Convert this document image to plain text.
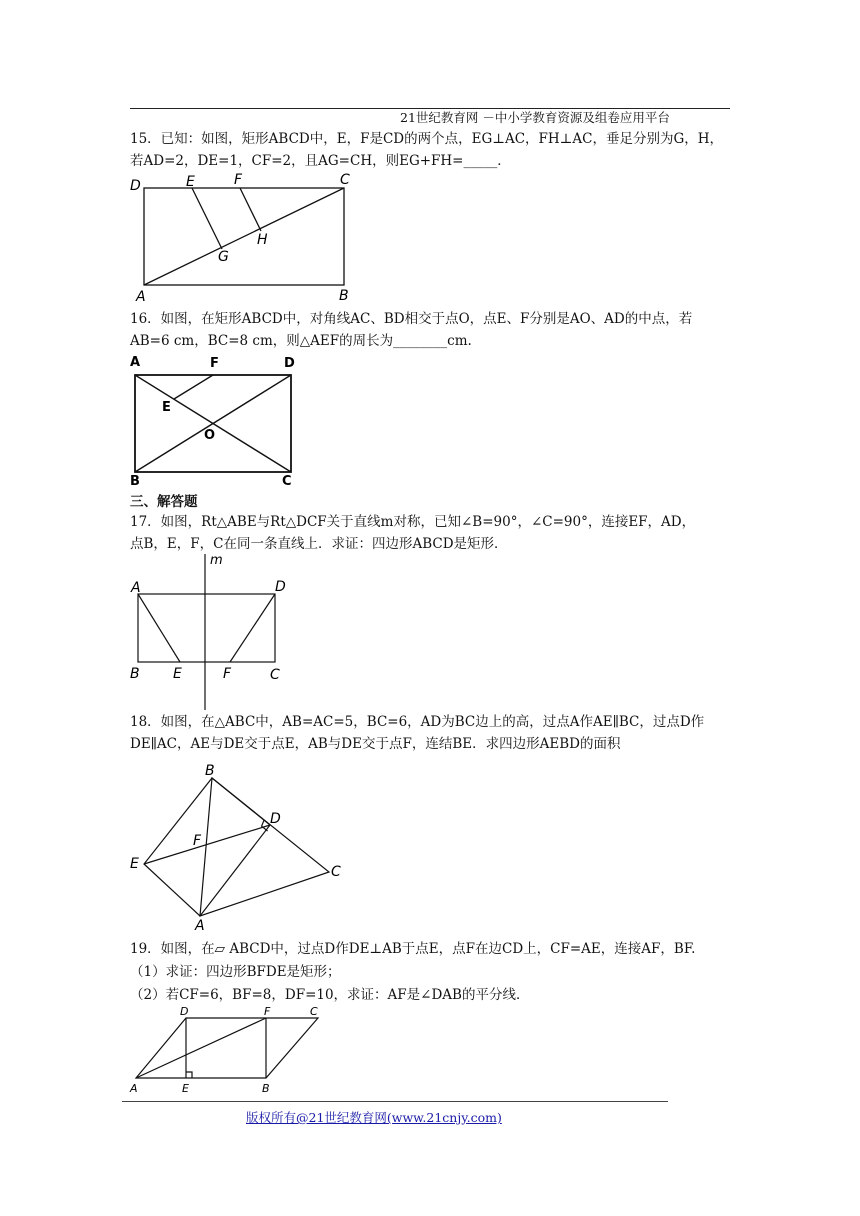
21世纪教育网 －中小学教育资源及组卷应用平台
15．已知：如图，矩形ABCD中，E，F是CD的两个点，EG⊥AC，FH⊥AC，垂足分别为G，H，
若AD=2，DE=1，CF=2，且AG=CH，则EG+FH=_____．
D	E	F	C
G
H
A	B
16．如图，在矩形ABCD中，对角线AC、BD相交于点O，点E、F分别是AO、AD的中点，若
AB=6 cm，BC=8 cm，则△AEF的周长为________cm.
A	F	D
E
O
B	C
三、解答题
17．如图，Rt△ABE与Rt△DCF关于直线m对称，已知∠B=90°，∠C=90°，连接EF，AD，
点B，E，F，C在同一条直线上．求证：四边形ABCD是矩形．
m
A	D
B E	F	C
18．如图，在△ABC中，AB=AC=5，BC=6，AD为BC边上的高，过点A作AE∥BC，过点D作
DE∥AC，AE与DE交于点E，AB与DE交于点F，连结BE．求四边形AEBD的面积
B
D
F
E	C
A
19．如图，在▱ ABCD中，过点D作DE⊥AB于点E，点F在边CD上，CF=AE，连接AF，BF.
（1）求证：四边形BFDE是矩形；
（2）若CF=6，BF=8，DF=10，求证：AF是∠DAB的平分线．
D	F	C
A	E	B
版权所有@21世纪教育网(www.21cnjy.com)
